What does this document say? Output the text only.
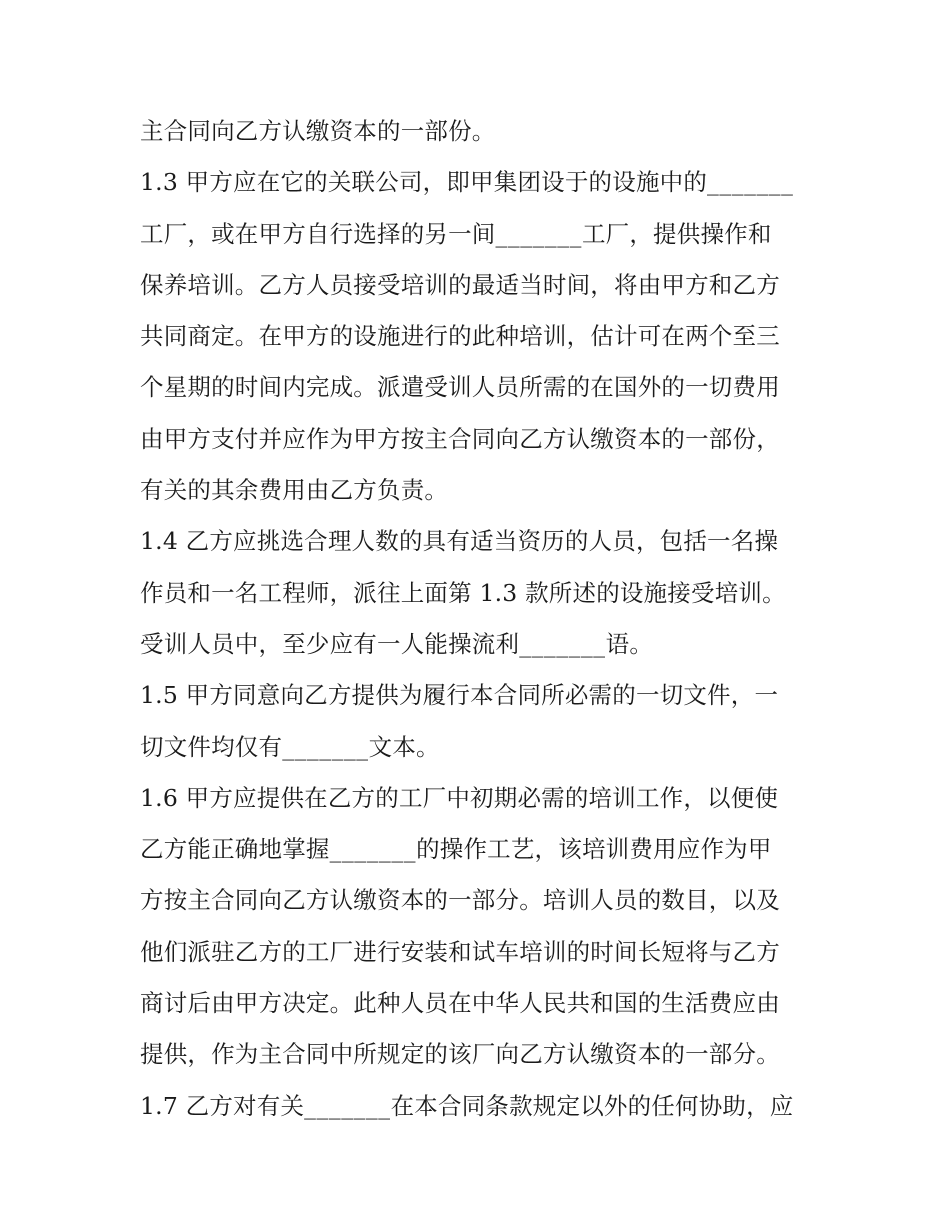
主合同向乙方认缴资本的一部份。
1.3 甲方应在它的关联公司，即甲集团设于的设施中的_______
工厂，或在甲方自行选择的另一间_______工厂，提供操作和
保养培训。乙方人员接受培训的最适当时间，将由甲方和乙方
共同商定。在甲方的设施进行的此种培训，估计可在两个至三
个星期的时间内完成。派遣受训人员所需的在国外的一切费用
由甲方支付并应作为甲方按主合同向乙方认缴资本的一部份，
有关的其余费用由乙方负责。
1.4 乙方应挑选合理人数的具有适当资历的人员，包括一名操
作员和一名工程师，派往上面第 1.3 款所述的设施接受培训。
受训人员中，至少应有一人能操流利_______语。
1.5 甲方同意向乙方提供为履行本合同所必需的一切文件，一
切文件均仅有_______文本。
1.6 甲方应提供在乙方的工厂中初期必需的培训工作，以便使
乙方能正确地掌握_______的操作工艺，该培训费用应作为甲
方按主合同向乙方认缴资本的一部分。培训人员的数目，以及
他们派驻乙方的工厂进行安装和试车培训的时间长短将与乙方
商讨后由甲方决定。此种人员在中华人民共和国的生活费应由
提供，作为主合同中所规定的该厂向乙方认缴资本的一部分。
1.7 乙方对有关_______在本合同条款规定以外的任何协助，应
